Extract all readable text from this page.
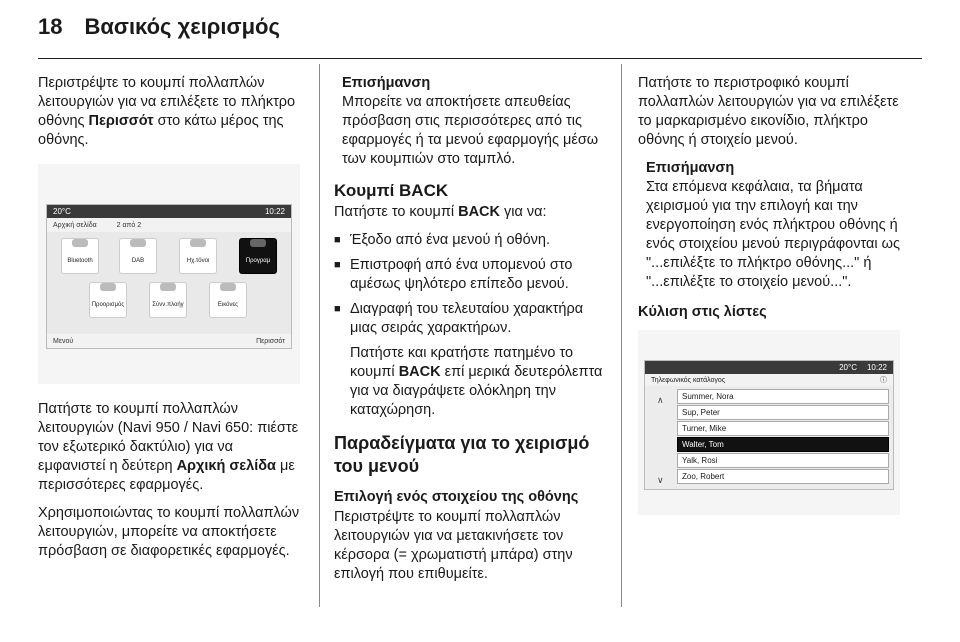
18 Βασικός χειρισμός

Περιστρέψτε το κουμπί πολλαπλών λειτουργιών για να επιλέξετε το πλήκτρο οθόνης Περισσότ στο κάτω μέρος της οθόνης.

20°C	10:22
Αρχική σελίδα	2 από 2
Bluetooth	DAB	Ηχ.τόνοι	Προγραμ
Προορισμός	Σύνν.πλοήγ	Εικόνες
Μενού	Περισσότ

Πατήστε το κουμπί πολλαπλών λειτουργιών (Navi 950 / Navi 650: πιέστε τον εξωτερικό δακτύλιο) για να εμφανιστεί η δεύτερη Αρχική σελίδα με περισσότερες εφαρμογές.

Χρησιμοποιώντας το κουμπί πολλαπλών λειτουργιών, μπορείτε να αποκτήσετε πρόσβαση σε διαφορετικές εφαρμογές.

Επισήμανση
Μπορείτε να αποκτήσετε απευθείας πρόσβαση στις περισσότερες από τις εφαρμογές ή τα μενού εφαρμογής μέσω των κουμπιών στο ταμπλό.
Κουμπί BACK

Πατήστε το κουμπί BACK για να:

■ Έξοδο από ένα μενού ή οθόνη.
■ Επιστροφή από ένα υπομενού στο αμέσως ψηλότερο επίπεδο μενού.
■ Διαγραφή του τελευταίου χαρακτήρα μιας σειράς χαρακτήρων.

Πατήστε και κρατήστε πατημένο το κουμπί BACK επί μερικά δευτερόλεπτα για να διαγράψετε ολόκληρη την καταχώρηση.

Παραδείγματα για το χειρισμό του μενού
Επιλογή ενός στοιχείου της οθόνης

Περιστρέψτε το κουμπί πολλαπλών λειτουργιών για να μετακινήσετε τον κέρσορα (= χρωματιστή μπάρα) στην επιλογή που επιθυμείτε.

Πατήστε το περιστροφικό κουμπί πολλαπλών λειτουργιών για να επιλέξετε το μαρκαρισμένο εικονίδιο, πλήκτρο οθόνης ή στοιχείο μενού.

Επισήμανση
Στα επόμενα κεφάλαια, τα βήματα χειρισμού για την επιλογή και την ενεργοποίηση ενός πλήκτρου οθόνης ή ενός στοιχείου μενού περιγράφονται ως "...επιλέξτε το πλήκτρο οθόνης..." ή "...επιλέξτε το στοιχείο μενού...".
Κύλιση στις λίστες
20°C 10:22
Τηλεφωνικός κατάλογος	ⓘ
∧
∨
Summer, Nora
Sup, Peter
Turner, Mike
Walter, Tom
Yalk, Rosi
Zoo, Robert
